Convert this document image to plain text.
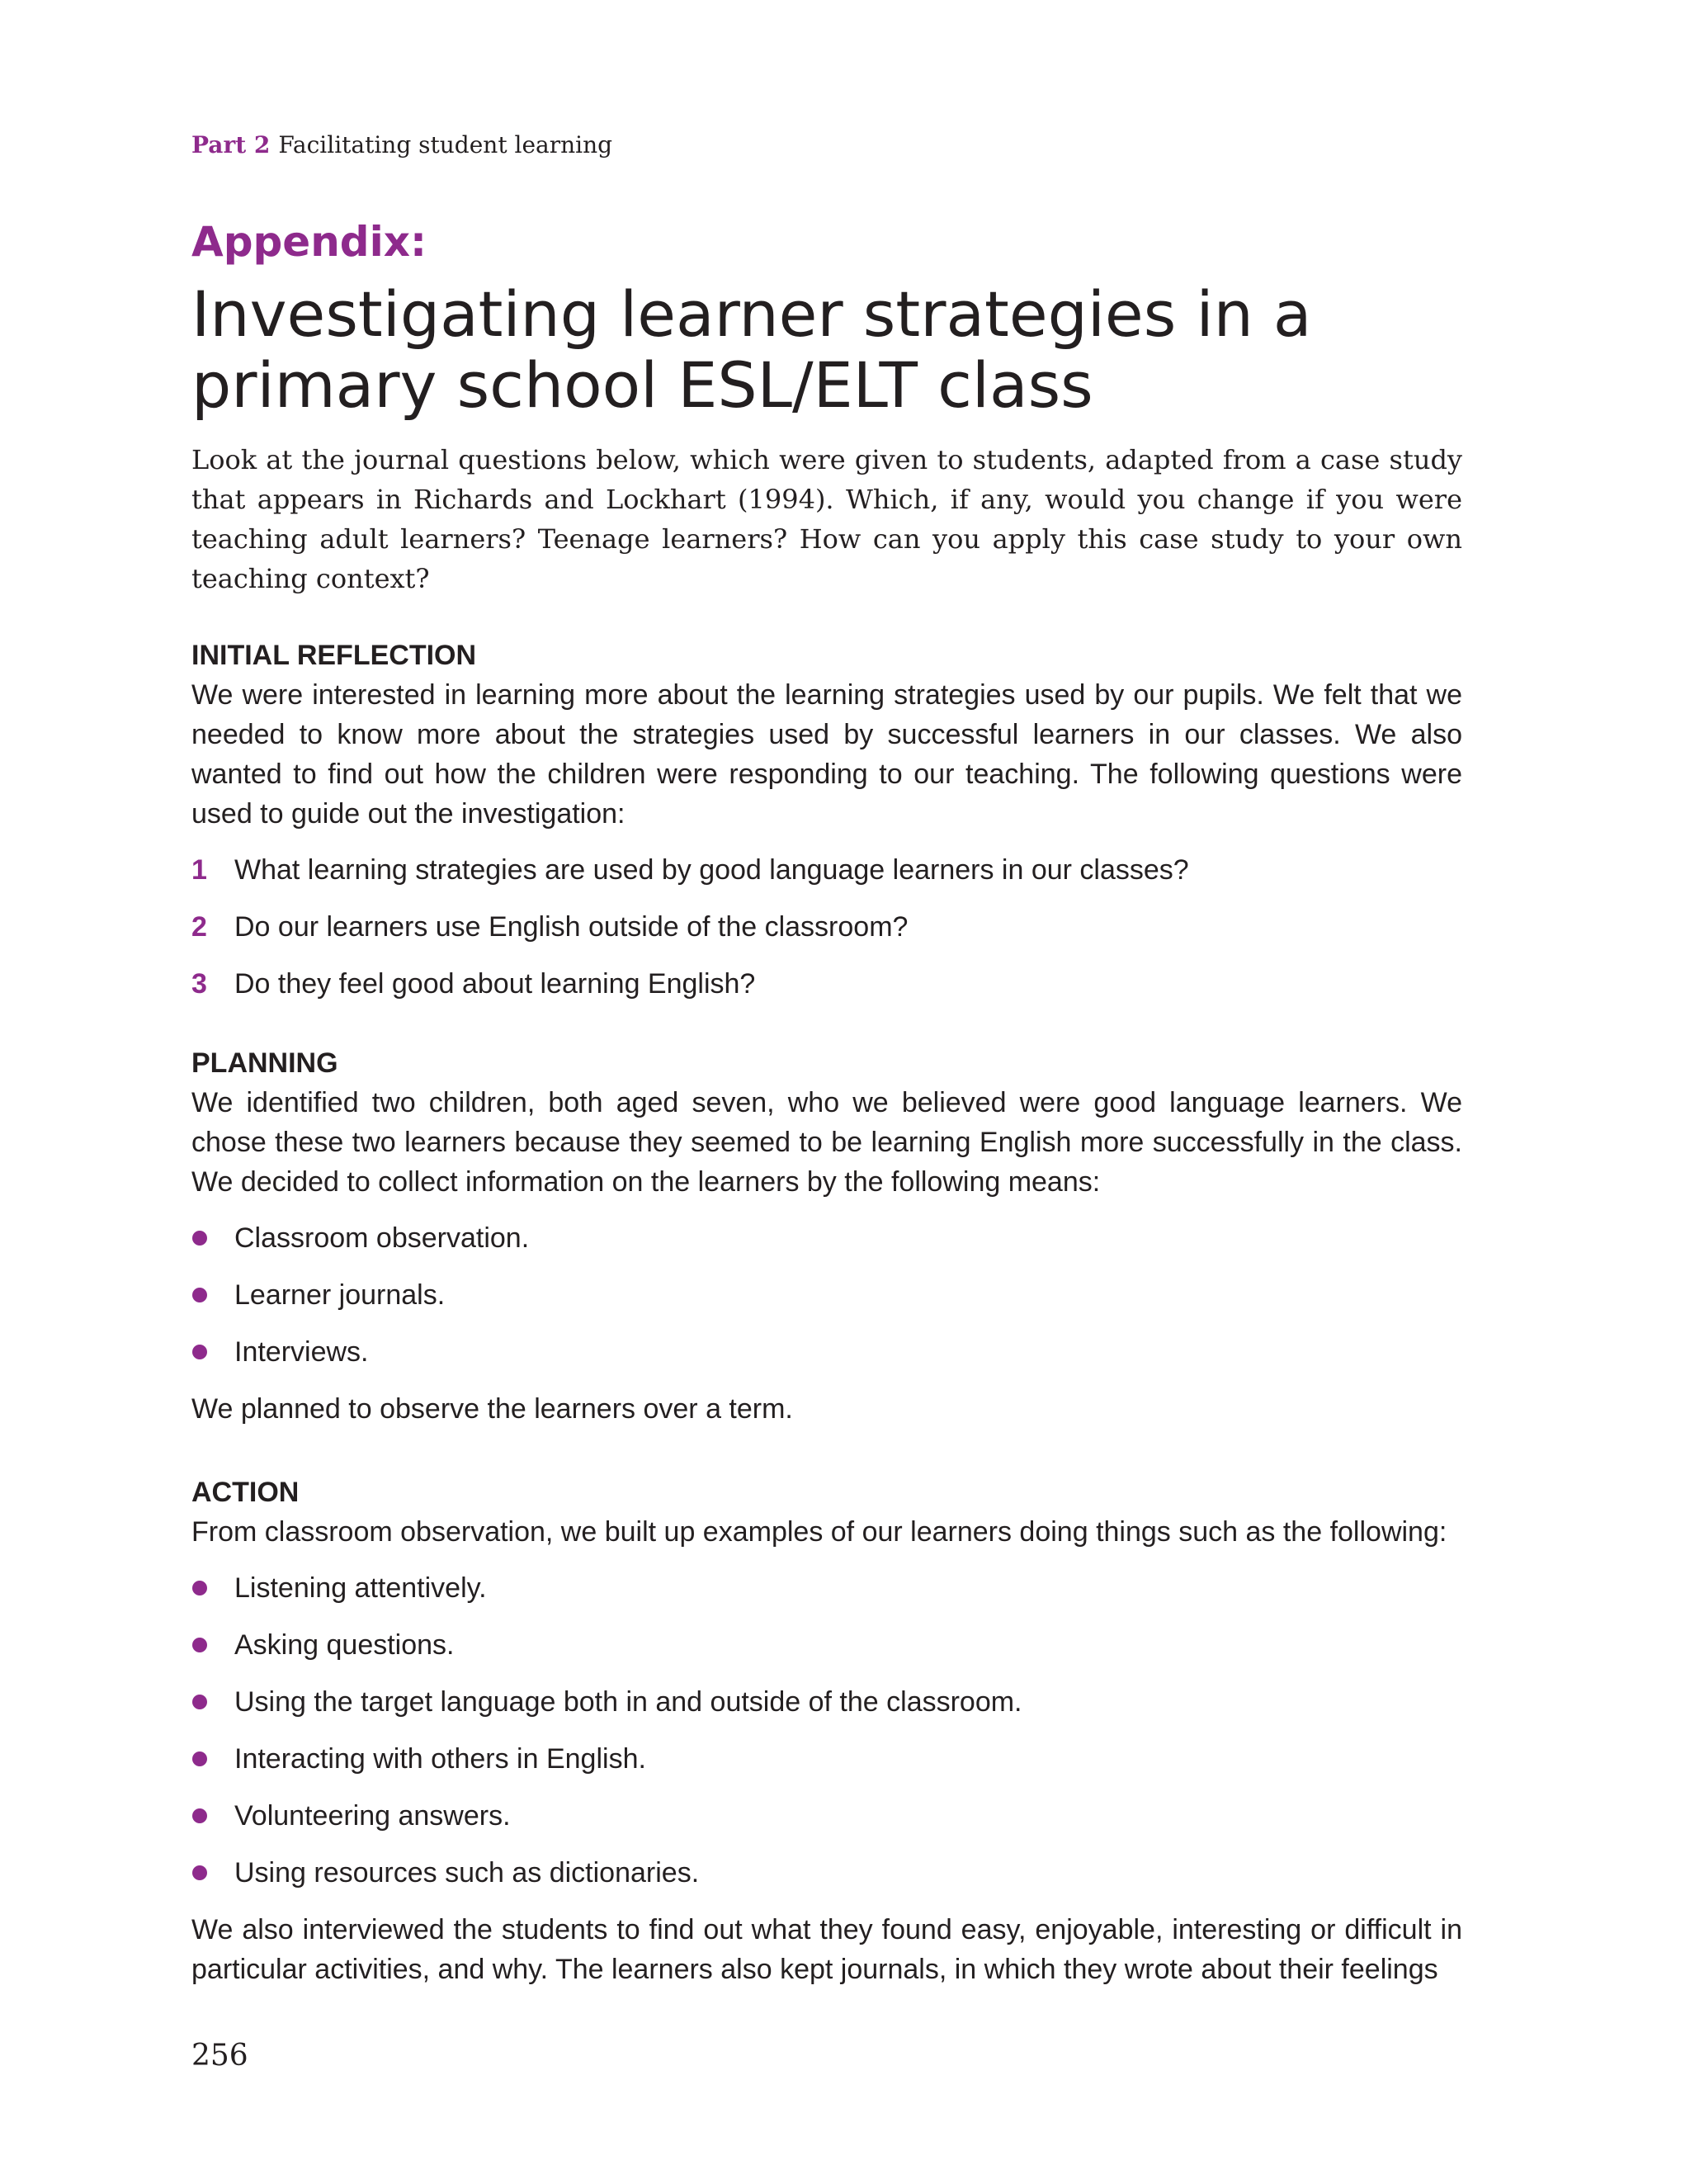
Part 2 Facilitating student learning
Appendix:
Investigating learner strategies in a primary school ESL/ELT class

Look at the journal questions below, which were given to students, adapted from a case study that appears in Richards and Lockhart (1994). Which, if any, would you change if you were teaching adult learners? Teenage learners? How can you apply this case study to your own teaching context?

INITIAL REFLECTION

We were interested in learning more about the learning strategies used by our pupils. We felt that we needed to know more about the strategies used by successful learners in our classes. We also wanted to find out how the children were responding to our teaching. The following questions were used to guide out the investigation:

1 What learning strategies are used by good language learners in our classes?
2 Do our learners use English outside of the classroom?
3 Do they feel good about learning English?
PLANNING

We identified two children, both aged seven, who we believed were good language learners. We chose these two learners because they seemed to be learning English more successfully in the class. We decided to collect information on the learners by the following means:

Classroom observation.
Learner journals.
Interviews.

We planned to observe the learners over a term.

ACTION

From classroom observation, we built up examples of our learners doing things such as the following:

Listening attentively.
Asking questions.
Using the target language both in and outside of the classroom.
Interacting with others in English.
Volunteering answers.
Using resources such as dictionaries.

We also interviewed the students to find out what they found easy, enjoyable, interesting or difficult in particular activities, and why. The learners also kept journals, in which they wrote about their feelings

256
